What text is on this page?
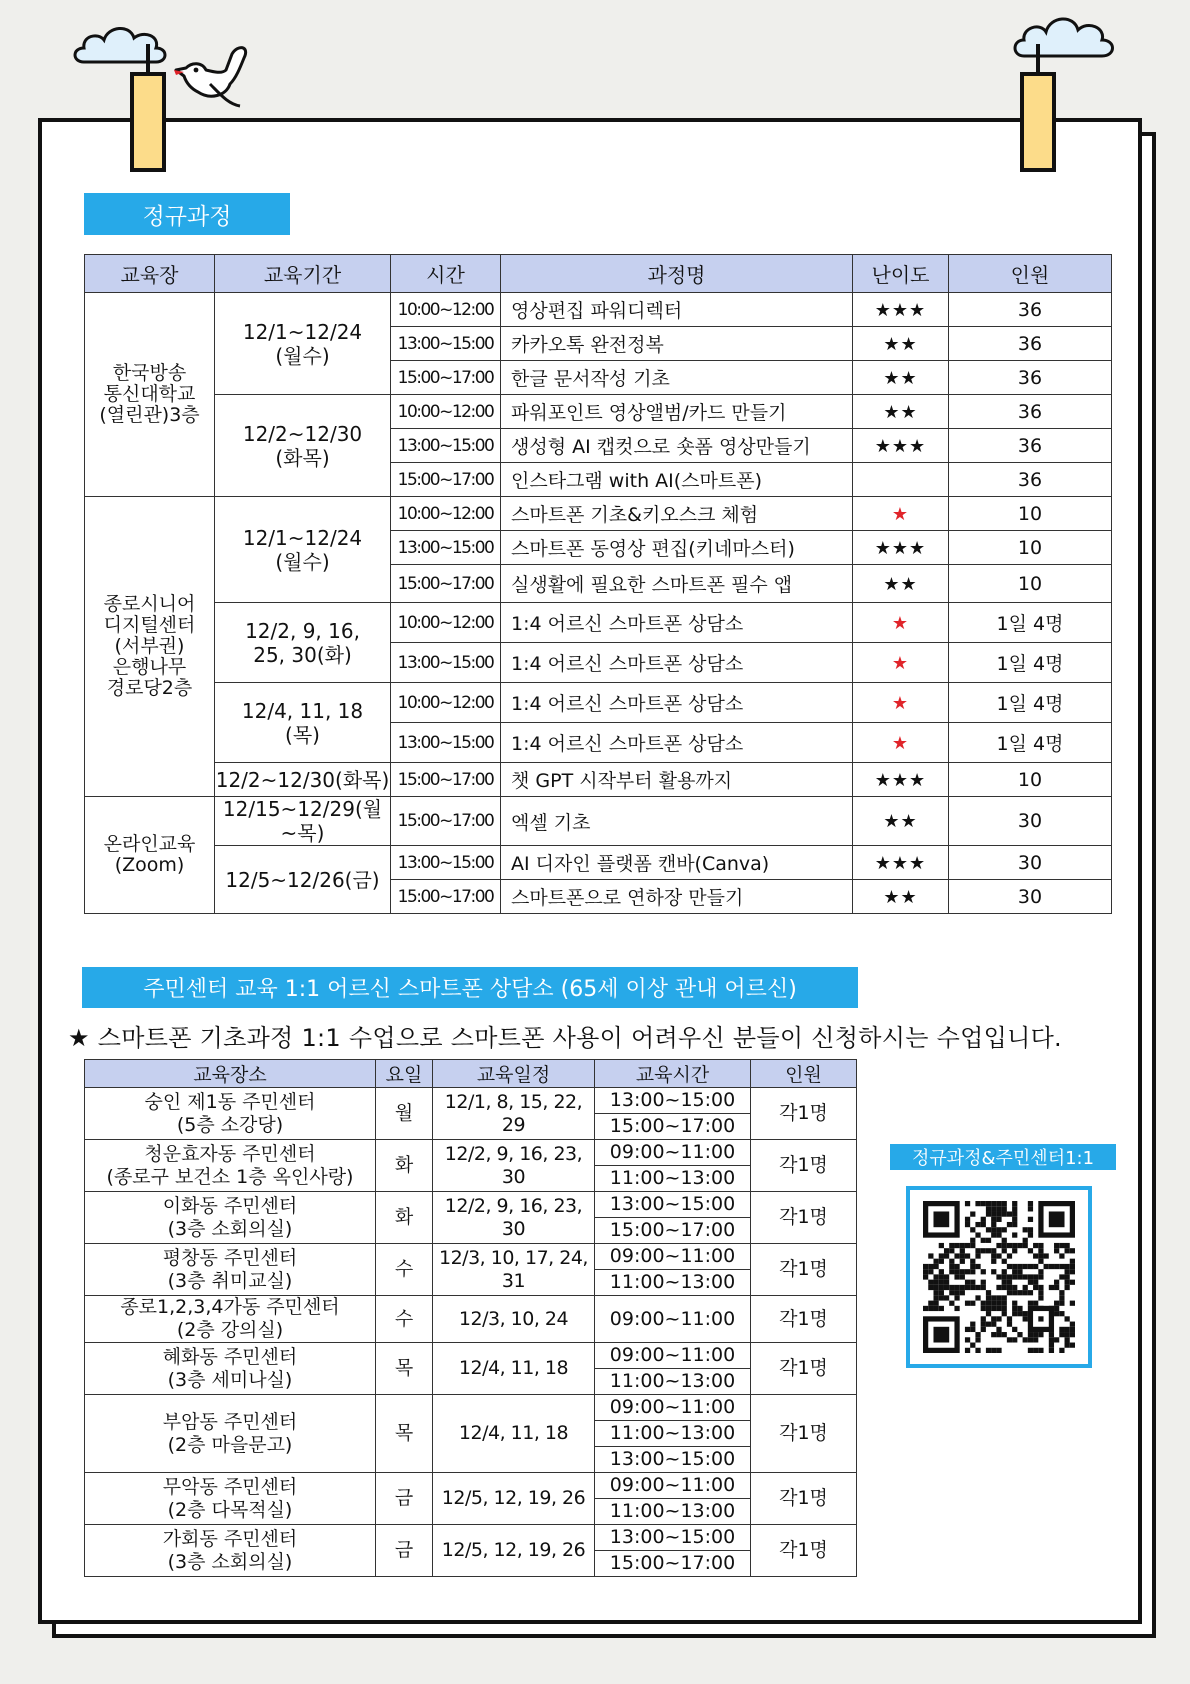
정규과정
교육장	교육기간	시간	과정명	난이도	인원
한국방송
통신대학교
(열린관)3층	12/1~12/24
(월수)	10:00~12:00	영상편집 파워디렉터	★★★	36
		13:00~15:00	카카오톡 완전정복	★★	36
		15:00~17:00	한글 문서작성 기초	★★	36
	12/2~12/30
(화목)	10:00~12:00	파워포인트 영상앨범/카드 만들기	★★	36
		13:00~15:00	생성형 AI 캡컷으로 숏폼 영상만들기	★★★	36
		15:00~17:00	인스타그램 with AI(스마트폰)		36
종로시니어
디지털센터
(서부권)
은행나무
경로당2층	12/1~12/24
(월수)	10:00~12:00	스마트폰 기초&키오스크 체험	★	10
		13:00~15:00	스마트폰 동영상 편집(키네마스터)	★★★	10
		15:00~17:00	실생활에 필요한 스마트폰 필수 앱	★★	10
	12/2, 9, 16,
25, 30(화)	10:00~12:00	1:4 어르신 스마트폰 상담소	★	1일 4명
		13:00~15:00	1:4 어르신 스마트폰 상담소	★	1일 4명
	12/4, 11, 18
(목)	10:00~12:00	1:4 어르신 스마트폰 상담소	★	1일 4명
		13:00~15:00	1:4 어르신 스마트폰 상담소	★	1일 4명
	12/2~12/30(화목)	15:00~17:00	챗 GPT 시작부터 활용까지	★★★	10
온라인교육
(Zoom)	12/15~12/29(월~목)	15:00~17:00	엑셀 기초	★★	30
	12/5~12/26(금)	13:00~15:00	AI 디자인 플랫폼 캔바(Canva)	★★★	30
		15:00~17:00	스마트폰으로 연하장 만들기	★★	30
주민센터 교육 1:1 어르신 스마트폰 상담소 (65세 이상 관내 어르신)
★ 스마트폰 기초과정 1:1 수업으로 스마트폰 사용이 어려우신 분들이 신청하시는 수업입니다.
교육장소	요일	교육일정	교육시간	인원
숭인 제1동 주민센터
(5층 소강당)	월	12/1, 8, 15, 22, 29	13:00~15:00	각1명
			15:00~17:00	
청운효자동 주민센터
(종로구 보건소 1층 옥인사랑)	화	12/2, 9, 16, 23, 30	09:00~11:00	각1명
			11:00~13:00	
이화동 주민센터
(3층 소회의실)	화	12/2, 9, 16, 23, 30	13:00~15:00	각1명
			15:00~17:00	
평창동 주민센터
(3층 취미교실)	수	12/3, 10, 17, 24, 31	09:00~11:00	각1명
			11:00~13:00	
종로1,2,3,4가동 주민센터
(2층 강의실)	수	12/3, 10, 24	09:00~11:00	각1명

혜화동 주민센터
(3층 세미나실)	목	12/4, 11, 18	09:00~11:00	각1명
			11:00~13:00	
부암동 주민센터
(2층 마을문고)	목	12/4, 11, 18	09:00~11:00	각1명
			11:00~13:00	
			13:00~15:00	
무악동 주민센터
(2층 다목적실)	금	12/5, 12, 19, 26	09:00~11:00	각1명
			11:00~13:00	
가회동 주민센터
(3층 소회의실)	금	12/5, 12, 19, 26	13:00~15:00	각1명
			15:00~17:00	
정규과정&주민센터1:1
